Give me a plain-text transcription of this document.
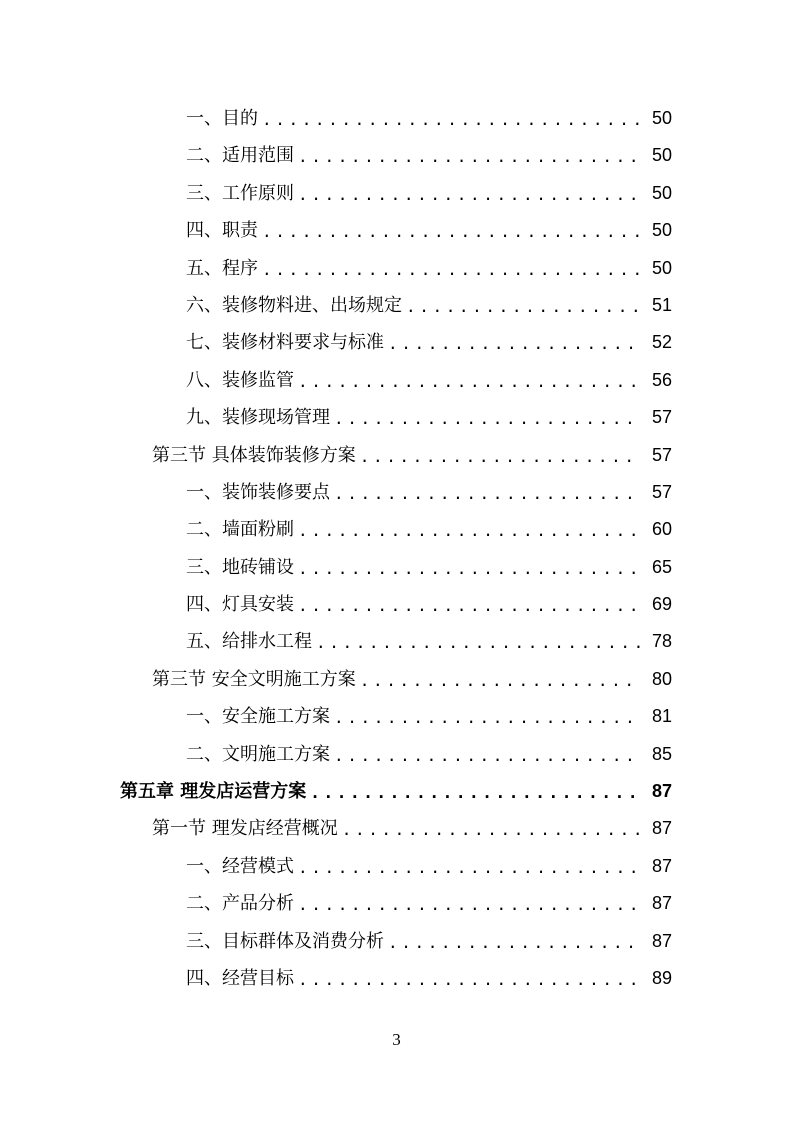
一、目的 .....	50
二、适用范围 .....	50
三、工作原则 .....	50
四、职责 .....	50
五、程序 .....	50
六、装修物料进、出场规定 .....	51
七、装修材料要求与标准 .....	52
八、装修监管 .....	56
九、装修现场管理 .....	57
第三节 具体装饰装修方案 .....	57
一、装饰装修要点 .....	57
二、墙面粉刷 .....	60
三、地砖铺设 .....	65
四、灯具安装 .....	69
五、给排水工程 .....	78
第三节 安全文明施工方案 .....	80
一、安全施工方案 .....	81
二、文明施工方案 .....	85
第五章 理发店运营方案 .....	87
第一节 理发店经营概况 .....	87
一、经营模式 .....	87
二、产品分析 .....	87
三、目标群体及消费分析 .....	87
四、经营目标 .....	89
3
